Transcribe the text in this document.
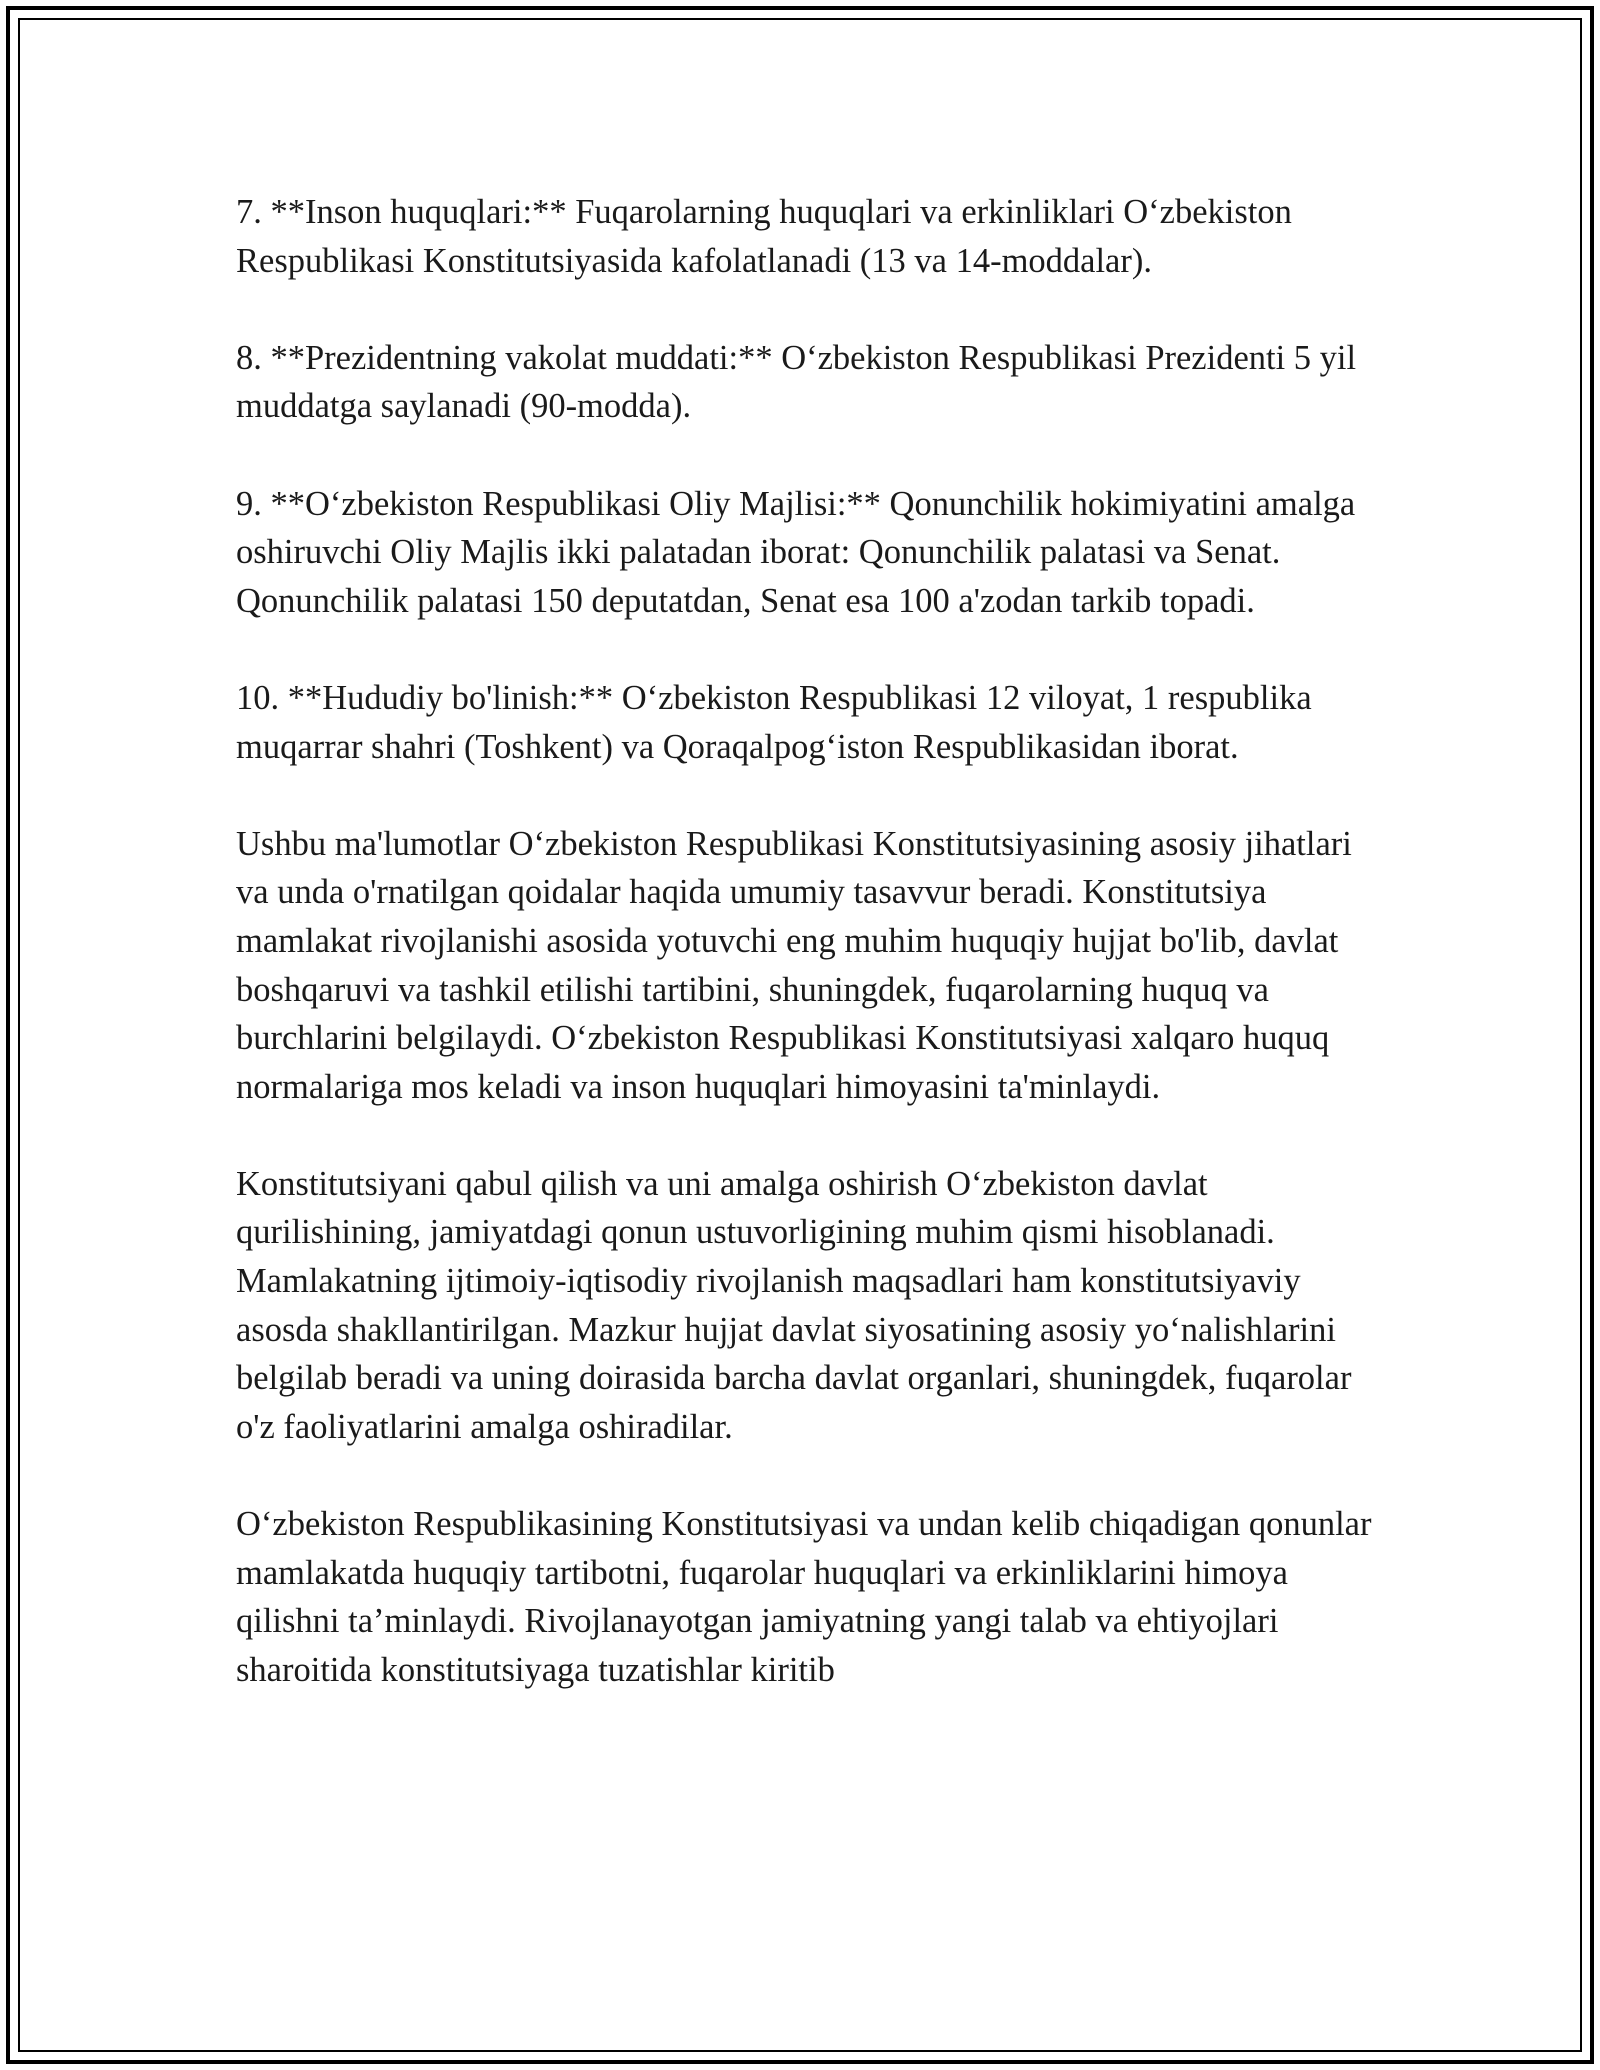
7. **Inson huquqlari:** Fuqarolarning huquqlari va erkinliklari O‘zbekiston Respublikasi Konstitutsiyasida kafolatlanadi (13 va 14-moddalar).

8. **Prezidentning vakolat muddati:** O‘zbekiston Respublikasi Prezidenti 5 yil muddatga saylanadi (90-modda).

9. **O‘zbekiston Respublikasi Oliy Majlisi:** Qonunchilik hokimiyatini amalga oshiruvchi Oliy Majlis ikki palatadan iborat: Qonunchilik palatasi va Senat. Qonunchilik palatasi 150 deputatdan, Senat esa 100 a'zodan tarkib topadi.

10. **Hududiy bo'linish:** O‘zbekiston Respublikasi 12 viloyat, 1 respublika muqarrar shahri (Toshkent) va Qoraqalpog‘iston Respublikasidan iborat.

Ushbu ma'lumotlar O‘zbekiston Respublikasi Konstitutsiyasining asosiy jihatlari va unda o'rnatilgan qoidalar haqida umumiy tasavvur beradi. Konstitutsiya mamlakat rivojlanishi asosida yotuvchi eng muhim huquqiy hujjat bo'lib, davlat boshqaruvi va tashkil etilishi tartibini, shuningdek, fuqarolarning huquq va burchlarini belgilaydi. O‘zbekiston Respublikasi Konstitutsiyasi xalqaro huquq normalariga mos keladi va inson huquqlari himoyasini ta'minlaydi.

Konstitutsiyani qabul qilish va uni amalga oshirish O‘zbekiston davlat qurilishining, jamiyatdagi qonun ustuvorligining muhim qismi hisoblanadi. Mamlakatning ijtimoiy-iqtisodiy rivojlanish maqsadlari ham konstitutsiyaviy asosda shakllantirilgan. Mazkur hujjat davlat siyosatining asosiy yo‘nalishlarini belgilab beradi va uning doirasida barcha davlat organlari, shuningdek, fuqarolar o'z faoliyatlarini amalga oshiradilar.

O‘zbekiston Respublikasining Konstitutsiyasi va undan kelib chiqadigan qonunlar mamlakatda huquqiy tartibotni, fuqarolar huquqlari va erkinliklarini himoya qilishni ta’minlaydi. Rivojlanayotgan jamiyatning yangi talab va ehtiyojlari sharoitida konstitutsiyaga tuzatishlar kiritib
